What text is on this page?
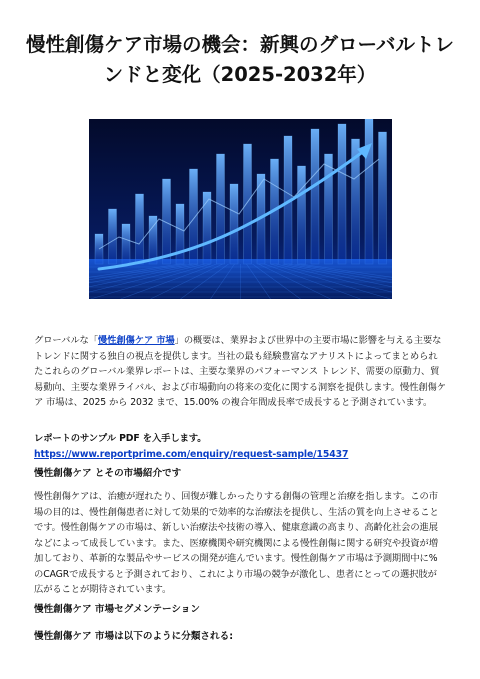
慢性創傷ケア市場の機会：新興のグローバルトレンドと変化（2025-2032年）

グローバルな「慢性創傷ケア 市場」の概要は、業界および世界中の主要市場に影響を与える主要なトレンドに関する独自の視点を提供します。当社の最も経験豊富なアナリストによってまとめられたこれらのグローバル業界レポートは、主要な業界のパフォーマンス トレンド、需要の原動力、貿易動向、主要な業界ライバル、および市場動向の将来の変化に関する洞察を提供します。慢性創傷ケア 市場は、2025 から 2032 まで、15.00% の複合年間成長率で成長すると予測されています。

レポートのサンプル PDF を入手します。 https://www.reportprime.com/enquiry/request-sample/15437

慢性創傷ケア とその市場紹介です

慢性創傷ケアは、治癒が遅れたり、回復が難しかったりする創傷の管理と治療を指します。この市場の目的は、慢性創傷患者に対して効果的で効率的な治療法を提供し、生活の質を向上させることです。慢性創傷ケアの市場は、新しい治療法や技術の導入、健康意識の高まり、高齢化社会の進展などによって成長しています。また、医療機関や研究機関による慢性創傷に関する研究や投資が増加しており、革新的な製品やサービスの開発が進んでいます。慢性創傷ケア市場は予測期間中に%のCAGRで成長すると予測されており、これにより市場の競争が激化し、患者にとっての選択肢が広がることが期待されています。

慢性創傷ケア 市場セグメンテーション
慢性創傷ケア 市場は以下のように分類される:
